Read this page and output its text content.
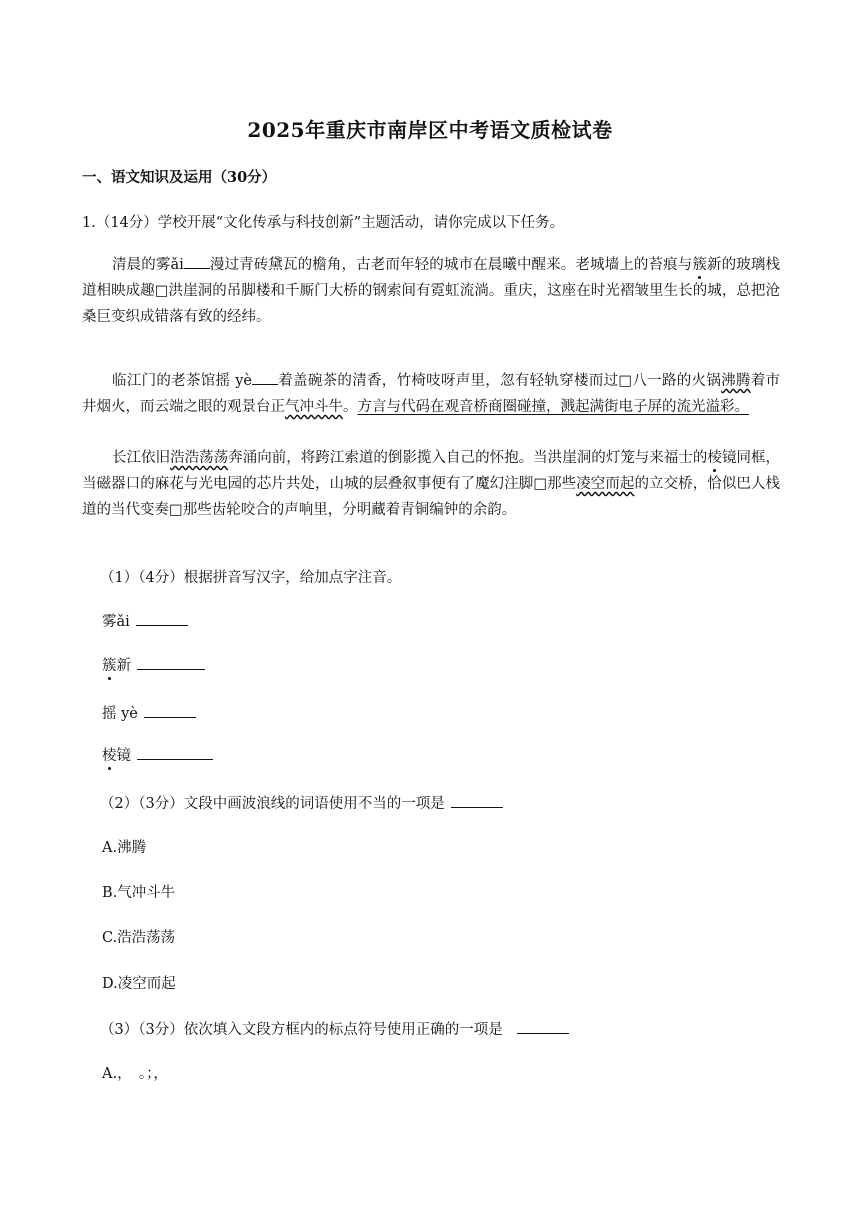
2025年重庆市南岸区中考语文质检试卷
一、语文知识及运用（30分）
1.（14分）学校开展“文化传承与科技创新”主题活动，请你完成以下任务。
清晨的雾ǎi 漫过青砖黛瓦的檐角，古老而年轻的城市在晨曦中醒来。老城墙上的苔痕与簇新的玻璃栈道相映成趣□洪崖洞的吊脚楼和千厮门大桥的钢索间有霓虹流淌。重庆，这座在时光褶皱里生长的城，总把沧桑巨变织成错落有致的经纬。
临江门的老茶馆摇 yè 着盖碗茶的清香，竹椅吱呀声里，忽有轻轨穿楼而过□八一路的火锅沸腾着市井烟火，而云端之眼的观景台正气冲斗牛。方言与代码在观音桥商圈碰撞，溅起满街电子屏的流光溢彩。
长江依旧浩浩荡荡奔涌向前，将跨江索道的倒影揽入自己的怀抱。当洪崖洞的灯笼与来福士的棱镜同框，当磁器口的麻花与光电园的芯片共处，山城的层叠叙事便有了魔幻注脚□那些凌空而起的立交桥，恰似巴人栈道的当代变奏□那些齿轮咬合的声响里，分明藏着青铜编钟的余韵。
（1）（4分）根据拼音写汉字，给加点字注音。
雾ǎi
簇新
摇 yè
棱镜
（2）（3分）文段中画波浪线的词语使用不当的一项是
A.沸腾
B.气冲斗牛
C.浩浩荡荡
D.凌空而起
（3）（3分）依次填入文段方框内的标点符号使用正确的一项是
A.，　。；，
